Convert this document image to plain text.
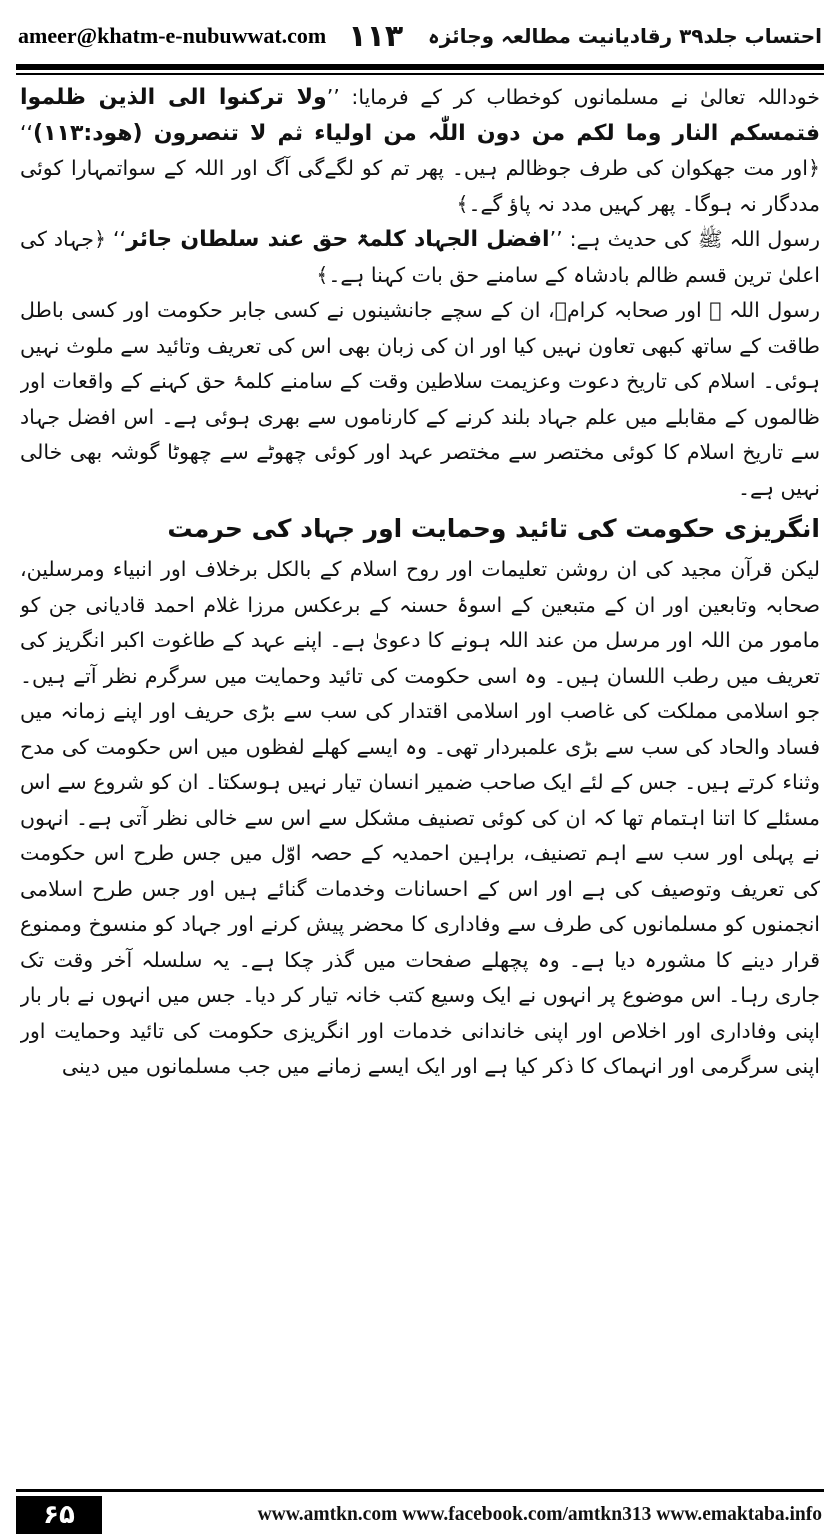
ameer@khatm-e-nubuwwat.com ۱۱۳ احتساب جلد۳۹ رقادیانیت مطالعہ وجائزہ

خوداللہ تعالیٰ نے مسلمانوں کوخطاب کر کے فرمایا: ’’ولا ترکنوا الی الذین ظلموا فتمسکم النار وما لکم من دون اللّٰہ من اولیاء ثم لا تنصرون (ھود:۱۱۳)‘‘ ﴿اور مت جھکوان کی طرف جوظالم ہیں۔ پھر تم کو لگےگی آگ اور اللہ کے سواتمہارا کوئی مددگار نہ ہوگا۔ پھر کہیں مدد نہ پاؤ گے۔﴾

رسول اللہ ﷺ کی حدیث ہے: ’’افضل الجہاد کلمۃ حق عند سلطان جائر‘‘ ﴿جہاد کی اعلیٰ ترین قسم ظالم بادشاہ کے سامنے حق بات کہنا ہے۔﴾

رسول اللہ ﷺ اور صحابہ کرامؓ، ان کے سچے جانشینوں نے کسی جابر حکومت اور کسی باطل طاقت کے ساتھ کبھی تعاون نہیں کیا اور ان کی زبان بھی اس کی تعریف وتائید سے ملوث نہیں ہوئی۔ اسلام کی تاریخ دعوت وعزیمت سلاطین وقت کے سامنے کلمۂ حق کہنے کے واقعات اور ظالموں کے مقابلے میں علم جہاد بلند کرنے کے کارناموں سے بھری ہوئی ہے۔ اس افضل جہاد سے تاریخ اسلام کا کوئی مختصر سے مختصر عہد اور کوئی چھوٹے سے چھوٹا گوشہ بھی خالی نہیں ہے۔

انگریزی حکومت کی تائید وحمایت اور جہاد کی حرمت

لیکن قرآن مجید کی ان روشن تعلیمات اور روح اسلام کے بالکل برخلاف اور انبیاء ومرسلین، صحابہ وتابعین اور ان کے متبعین کے اسوۂ حسنہ کے برعکس مرزا غلام احمد قادیانی جن کو مامور من اللہ اور مرسل من عند اللہ ہونے کا دعویٰ ہے۔ اپنے عہد کے طاغوت اکبر انگریز کی تعریف میں رطب اللسان ہیں۔ وہ اسی حکومت کی تائید وحمایت میں سرگرم نظر آتے ہیں۔ جو اسلامی مملکت کی غاصب اور اسلامی اقتدار کی سب سے بڑی حریف اور اپنے زمانہ میں فساد والحاد کی سب سے بڑی علمبردار تھی۔ وہ ایسے کھلے لفظوں میں اس حکومت کی مدح وثناء کرتے ہیں۔ جس کے لئے ایک صاحب ضمیر انسان تیار نہیں ہوسکتا۔ ان کو شروع سے اس مسئلے کا اتنا اہتمام تھا کہ ان کی کوئی تصنیف مشکل سے اس سے خالی نظر آتی ہے۔ انہوں نے پہلی اور سب سے اہم تصنیف، براہین احمدیہ کے حصہ اوّل میں جس طرح اس حکومت کی تعریف وتوصیف کی ہے اور اس کے احسانات وخدمات گنائے ہیں اور جس طرح اسلامی انجمنوں کو مسلمانوں کی طرف سے وفاداری کا محضر پیش کرنے اور جہاد کو منسوخ وممنوع قرار دینے کا مشورہ دیا ہے۔ وہ پچھلے صفحات میں گذر چکا ہے۔ یہ سلسلہ آخر وقت تک جاری رہا۔ اس موضوع پر انہوں نے ایک وسیع کتب خانہ تیار کر دیا۔ جس میں انہوں نے بار بار اپنی وفاداری اور اخلاص اور اپنی خاندانی خدمات اور انگریزی حکومت کی تائید وحمایت اور اپنی سرگرمی اور انہماک کا ذکر کیا ہے اور ایک ایسے زمانے میں جب مسلمانوں میں دینی

۶۵	www.amtkn.com www.facebook.com/amtkn313 www.emaktaba.info
